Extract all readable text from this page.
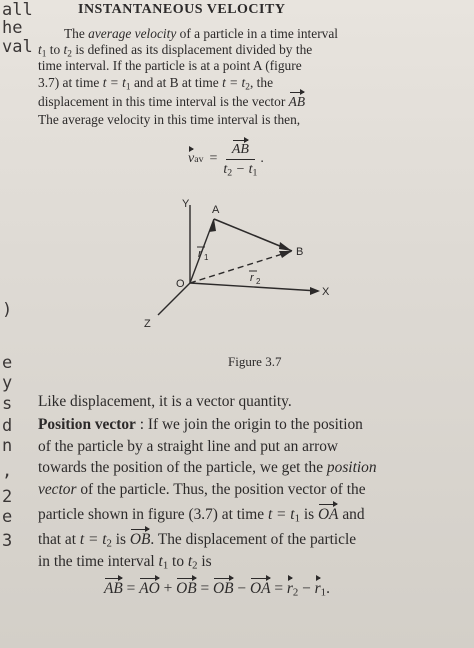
all
he
val
)
e
y
s
d
n
,
2
e
3
INSTANTANEOUS VELOCITY
The average velocity of a particle in a time interval
$t_1$ to $t_2$ is defined as its displacement divided by the
time interval. If the particle is at a point A (figure
3.7) at time $t = t_1$ and at B at time $t = t_2$, the
displacement in this time interval is the vector AB
The average velocity in this time interval is then,
v av = $\frac{AB}{t_2 - t_1}$ .
Y
X
Z
O
A
B
r 1
r 2
Figure 3.7
Like displacement, it is a vector quantity.
Position vector : If we join the origin to the position
of the particle by a straight line and put an arrow
towards the position of the particle, we get the position
vector of the particle. Thus, the position vector of the
particle shown in figure (3.7) at time $t = t_1$ is OA and
that at $t = t_2$ is OB. The displacement of the particle
in the time interval $t_1$ to $t_2$ is
AB = AO + OB = OB − OA = $r_2 - r_1$.
